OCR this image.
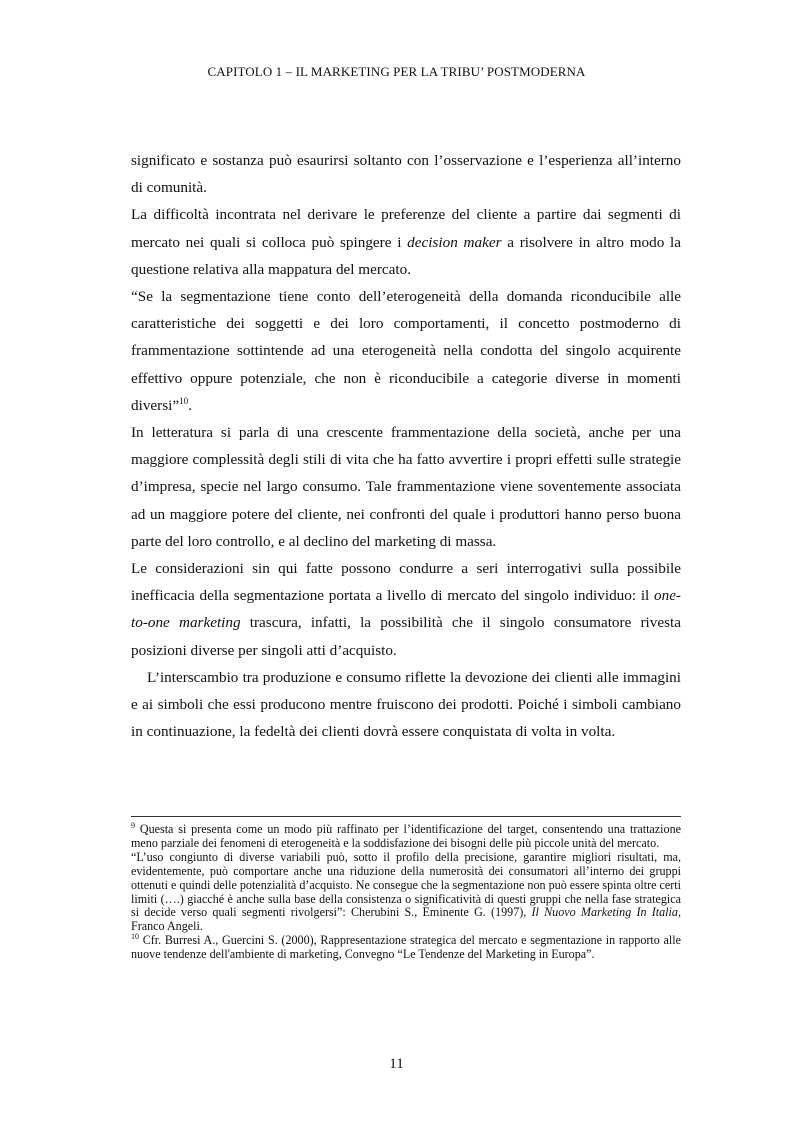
CAPITOLO 1 – IL MARKETING PER LA TRIBU’ POSTMODERNA

significato e sostanza può esaurirsi soltanto con l’osservazione e l’esperienza all’interno di comunità.

La difficoltà incontrata nel derivare le preferenze del cliente a partire dai segmenti di mercato nei quali si colloca può spingere i decision maker a risolvere in altro modo la questione relativa alla mappatura del mercato.

“Se la segmentazione tiene conto dell’eterogeneità della domanda riconducibile alle caratteristiche dei soggetti e dei loro comportamenti, il concetto postmoderno di frammentazione sottintende ad una eterogeneità nella condotta del singolo acquirente effettivo oppure potenziale, che non è riconducibile a categorie diverse in momenti diversi”$^{10}$.

In letteratura si parla di una crescente frammentazione della società, anche per una maggiore complessità degli stili di vita che ha fatto avvertire i propri effetti sulle strategie d’impresa, specie nel largo consumo. Tale frammentazione viene soventemente associata ad un maggiore potere del cliente, nei confronti del quale i produttori hanno perso buona parte del loro controllo, e al declino del marketing di massa.

Le considerazioni sin qui fatte possono condurre a seri interrogativi sulla possibile inefficacia della segmentazione portata a livello di mercato del singolo individuo: il one-to-one marketing trascura, infatti, la possibilità che il singolo consumatore rivesta posizioni diverse per singoli atti d’acquisto.

L’interscambio tra produzione e consumo riflette la devozione dei clienti alle immagini e ai simboli che essi producono mentre fruiscono dei prodotti. Poiché i simboli cambiano in continuazione, la fedeltà dei clienti dovrà essere conquistata di volta in volta.

$^9$ Questa si presenta come un modo più raffinato per l’identificazione del target, consentendo una trattazione meno parziale dei fenomeni di eterogeneità e la soddisfazione dei bisogni delle più piccole unità del mercato.

“L’uso congiunto di diverse variabili può, sotto il profilo della precisione, garantire migliori risultati, ma, evidentemente, può comportare anche una riduzione della numerosità dei consumatori all’interno dei gruppi ottenuti e quindi delle potenzialità d’acquisto. Ne consegue che la segmentazione non può essere spinta oltre certi limiti (….) giacché è anche sulla base della consistenza o significatività di questi gruppi che nella fase strategica si decide verso quali segmenti rivolgersi”: Cherubini S., Eminente G. (1997), Il Nuovo Marketing In Italia, Franco Angeli.

$^{10}$ Cfr. Burresi A., Guercini S. (2000), Rappresentazione strategica del mercato e segmentazione in rapporto alle nuove tendenze dell'ambiente di marketing, Convegno “Le Tendenze del Marketing in Europa”.

11
